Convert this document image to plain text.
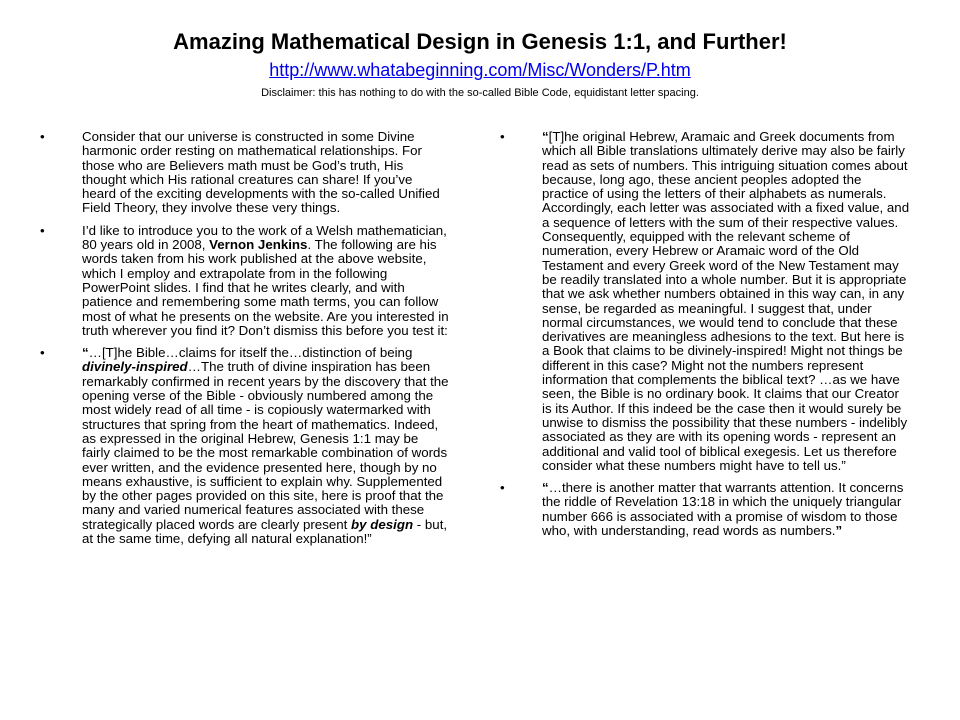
Amazing Mathematical Design in Genesis 1:1, and Further!
http://www.whatabeginning.com/Misc/Wonders/P.htm
Disclaimer: this has nothing to do with the so-called Bible Code, equidistant letter spacing.
•	Consider that our universe is constructed in some Divine harmonic order resting on mathematical relationships. For those who are Believers math must be God’s truth, His thought which His rational creatures can share! If you’ve heard of the exciting developments with the so-called Unified Field Theory, they involve these very things.
•	I’d like to introduce you to the work of a Welsh mathematician, 80 years old in 2008, Vernon Jenkins. The following are his words taken from his work published at the above website, which I employ and extrapolate from in the following PowerPoint slides. I find that he writes clearly, and with patience and remembering some math terms, you can follow most of what he presents on the website. Are you interested in truth wherever you find it? Don’t dismiss this before you test it:
•	“…[T]he Bible…claims for itself the…distinction of being divinely-inspired…The truth of divine inspiration has been remarkably confirmed in recent years by the discovery that the opening verse of the Bible - obviously numbered among the most widely read of all time - is copiously watermarked with structures that spring from the heart of mathematics. Indeed, as expressed in the original Hebrew, Genesis 1:1 may be fairly claimed to be the most remarkable combination of words ever written, and the evidence presented here, though by no means exhaustive, is sufficient to explain why. Supplemented by the other pages provided on this site, here is proof that the many and varied numerical features associated with these strategically placed words are clearly present by design - but, at the same time, defying all natural explanation!”
•	“[T]he original Hebrew, Aramaic and Greek documents from which all Bible translations ultimately derive may also be fairly read as sets of numbers. This intriguing situation comes about because, long ago, these ancient peoples adopted the practice of using the letters of their alphabets as numerals. Accordingly, each letter was associated with a fixed value, and a sequence of letters with the sum of their respective values. Consequently, equipped with the relevant scheme of numeration, every Hebrew or Aramaic word of the Old Testament and every Greek word of the New Testament may be readily translated into a whole number. But it is appropriate that we ask whether numbers obtained in this way can, in any sense, be regarded as meaningful. I suggest that, under normal circumstances, we would tend to conclude that these derivatives are meaningless adhesions to the text. But here is a Book that claims to be divinely-inspired! Might not things be different in this case? Might not the numbers represent information that complements the biblical text? …as we have seen, the Bible is no ordinary book. It claims that our Creator is its Author. If this indeed be the case then it would surely be unwise to dismiss the possibility that these numbers - indelibly associated as they are with its opening words - represent an additional and valid tool of biblical exegesis. Let us therefore consider what these numbers might have to tell us.”
•	“…there is another matter that warrants attention. It concerns the riddle of Revelation 13:18 in which the uniquely triangular number 666 is associated with a promise of wisdom to those who, with understanding, read words as numbers.”
